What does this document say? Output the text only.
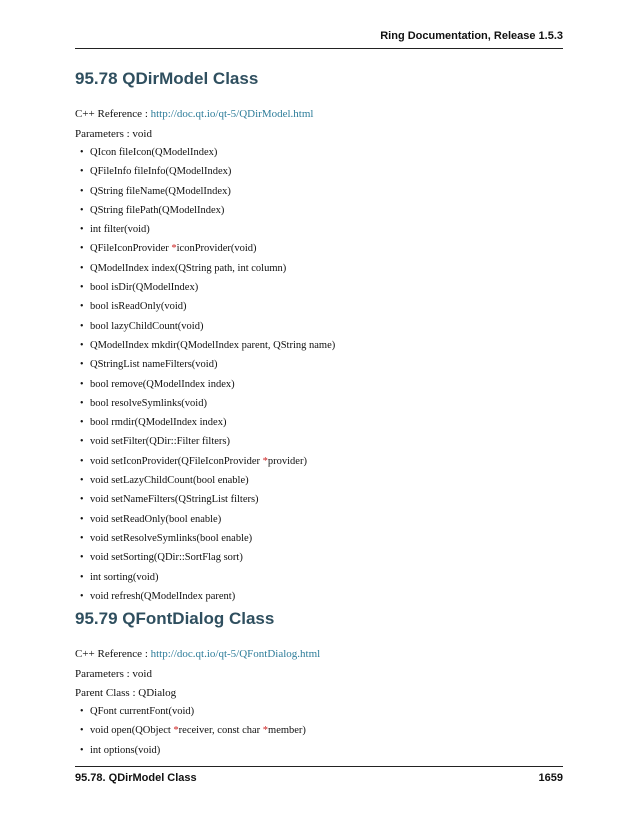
Ring Documentation, Release 1.5.3
95.78 QDirModel Class
C++ Reference : http://doc.qt.io/qt-5/QDirModel.html
Parameters : void
• QIcon fileIcon(QModelIndex)
• QFileInfo fileInfo(QModelIndex)
• QString fileName(QModelIndex)
• QString filePath(QModelIndex)
• int filter(void)
• QFileIconProvider *iconProvider(void)
• QModelIndex index(QString path, int column)
• bool isDir(QModelIndex)
• bool isReadOnly(void)
• bool lazyChildCount(void)
• QModelIndex mkdir(QModelIndex parent, QString name)
• QStringList nameFilters(void)
• bool remove(QModelIndex index)
• bool resolveSymlinks(void)
• bool rmdir(QModelIndex index)
• void setFilter(QDir::Filter filters)
• void setIconProvider(QFileIconProvider *provider)
• void setLazyChildCount(bool enable)
• void setNameFilters(QStringList filters)
• void setReadOnly(bool enable)
• void setResolveSymlinks(bool enable)
• void setSorting(QDir::SortFlag sort)
• int sorting(void)
• void refresh(QModelIndex parent)
95.79 QFontDialog Class
C++ Reference : http://doc.qt.io/qt-5/QFontDialog.html
Parameters : void
Parent Class : QDialog
• QFont currentFont(void)
• void open(QObject *receiver, const char *member)
• int options(void)
95.78. QDirModel Class	1659
